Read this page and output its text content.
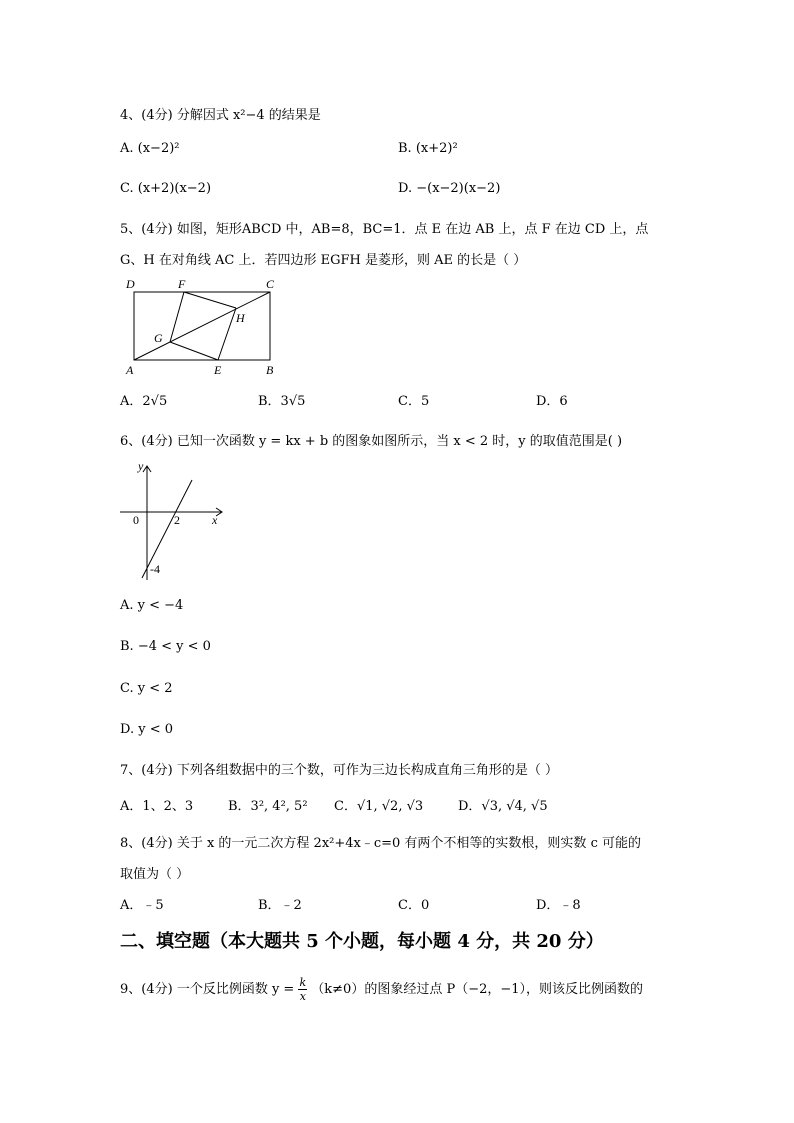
4、(4分) 分解因式 x²−4 的结果是
A. (x−2)²	B. (x+2)²
C. (x+2)(x−2)	D. −(x−2)(x−2)
5、(4分) 如图，矩形ABCD 中，AB=8，BC=1．点 E 在边 AB 上，点 F 在边 CD 上，点
G、H 在对角线 AC 上．若四边形 EGFH 是菱形，则 AE 的长是（ ）
D	F	C
H
G
A	E	B
A．2√5	B．3√5	C．5	D．6
6、(4分) 已知一次函数 y = kx + b 的图象如图所示，当 x < 2 时，y 的取值范围是( )
y
0	2	x
-4
A. y < −4
B. −4 < y < 0
C. y < 2
D. y < 0
7、(4分) 下列各组数据中的三个数，可作为三边长构成直角三角形的是（ ）
A．1、2、3	B．3², 4², 5² C．√1, √2, √3	D．√3, √4, √5
8、(4分) 关于 x 的一元二次方程 2x²+4x﹣c=0 有两个不相等的实数根，则实数 c 可能的
取值为（ ）
A．﹣5	B．﹣2	C．0	D．﹣8
二、填空题（本大题共 5 个小题，每小题 4 分，共 20 分）
9、(4分) 一个反比例函数 $y = \frac{k}{x} (k\ne 0)$的图象经过点 P（−2，−1），则该反比例函数的
